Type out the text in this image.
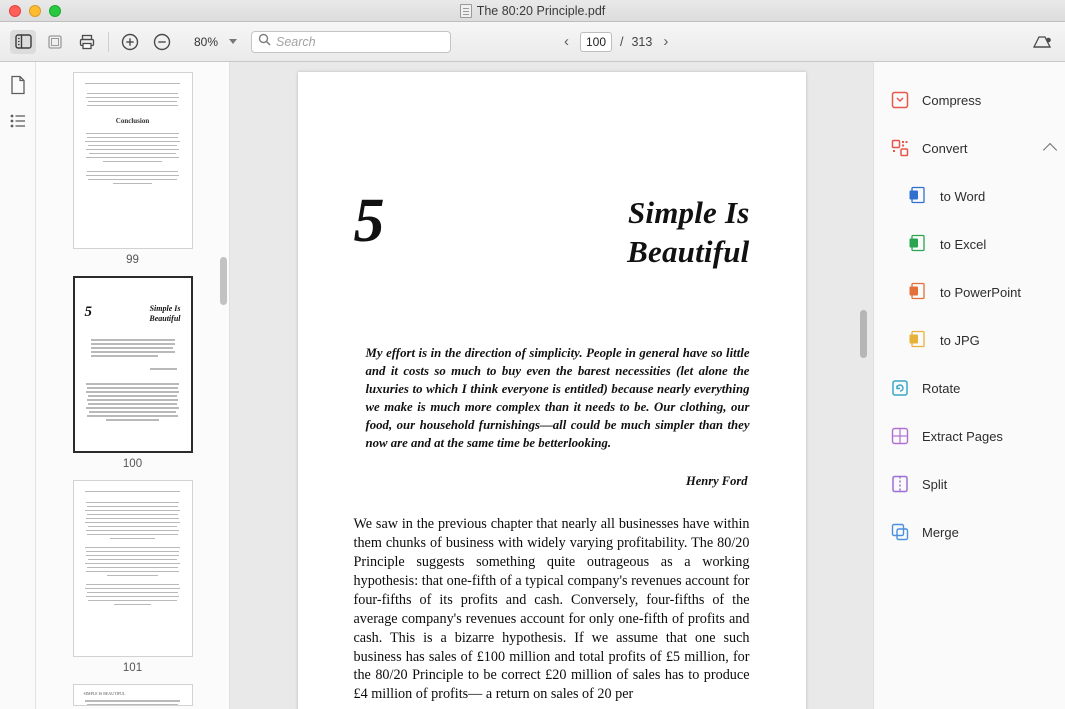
The 80:20 Principle.pdf
80%
Search	‹	100	/ 313 ›
Conclusion
99
5	Simple Is
Beautiful
100
101
SIMPLE IS BEAUTIFUL
5	Simple Is
Beautiful
My effort is in the direction of simplicity. People in general have so little and it costs so much to buy even the barest necessities (let alone the luxuries to which I think everyone is entitled) because nearly everything we make is much more complex than it needs to be. Our clothing, our food, our household furnishings—all could be much simpler than they now are and at the same time be betterlooking.
Henry Ford
We saw in the previous chapter that nearly all businesses have within them chunks of business with widely varying profitability. The 80/20 Principle suggests something quite outrageous as a working hypothesis: that one-fifth of a typical company's revenues account for four-fifths of its profits and cash. Conversely, four-fifths of the average company's revenues account for only one-fifth of profits and cash. This is a bizarre hypothesis. If we assume that one such business has sales of £100 million and total profits of £5 million, for the 80/20 Principle to be correct £20 million of sales has to produce £4 million of profits— a return on sales of 20 per
Compress
Convert
to Word
to Excel
to PowerPoint
to JPG
Rotate
Extract Pages
Split
Merge
